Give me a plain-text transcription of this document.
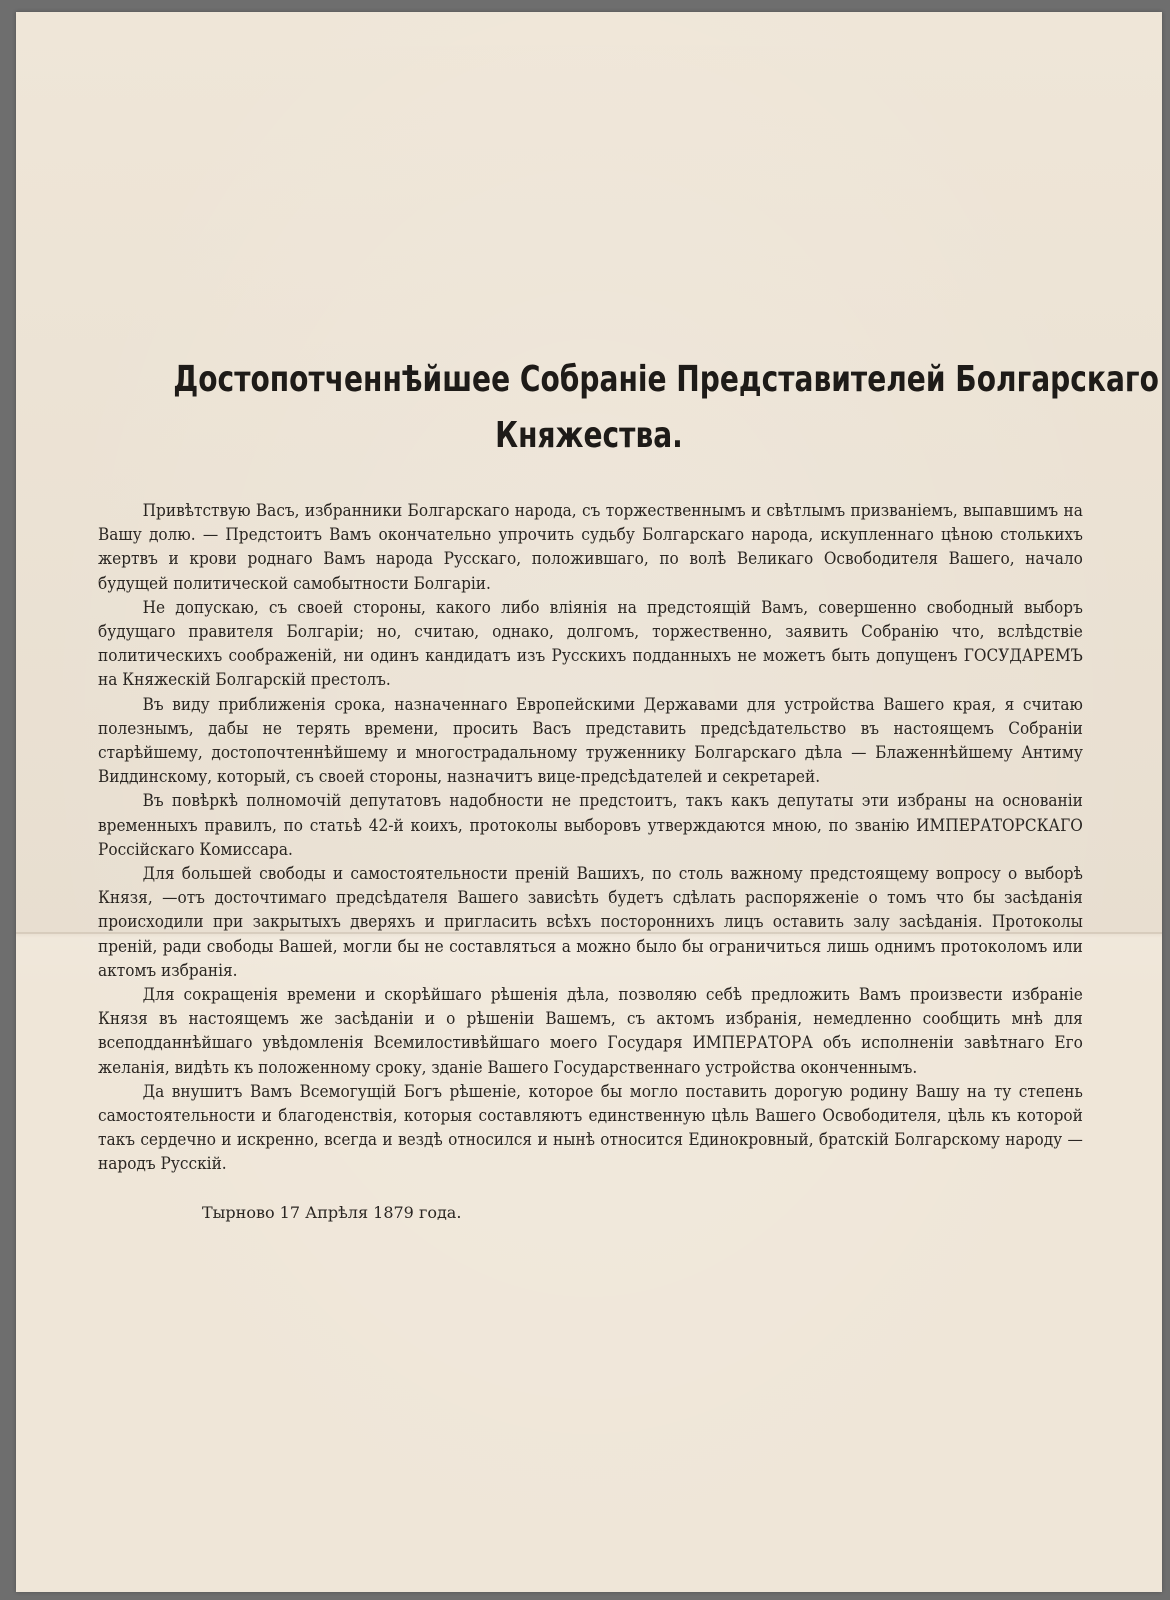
Достопотченнѣйшее Собраніе Представителей Болгарскаго
Княжества.

Привѣтствую Васъ, избранники Болгарскаго народа, съ торжественнымъ и свѣтлымъ призваніемъ, выпавшимъ на Вашу долю. — Предстоитъ Вамъ окончательно упрочить судьбу Болгарскаго народа, искупленнаго цѣною столькихъ жертвъ и крови роднаго Вамъ народа Русскаго, положившаго, по волѣ Великаго Освободителя Вашего, начало будущей политической самобытности Болгаріи.

Не допускаю, съ своей стороны, какого либо вліянія на предстоящій Вамъ, совершенно свободный выборъ будущаго правителя Болгаріи; но, считаю, однако, долгомъ, торжественно, заявить Собранію что, вслѣдствіе политическихъ соображеній, ни одинъ кандидатъ изъ Русскихъ подданныхъ не можетъ быть допущенъ ГОСУДАРЕМЪ на Княжескій Болгарскій престолъ.

Въ виду приближенія срока, назначеннаго Европейскими Державами для устройства Вашего края, я считаю полезнымъ, дабы не терять времени, просить Васъ представить предсѣдательство въ настоящемъ Собраніи старѣйшему, достопочтеннѣйшему и многострадальному труженнику Болгарскаго дѣла — Блаженнѣйшему Антиму Виддинскому, который, съ своей стороны, назначитъ вице-предсѣдателей и секретарей.

Въ повѣркѣ полномочій депутатовъ надобности не предстоитъ, такъ какъ депутаты эти избраны на основаніи временныхъ правилъ, по статьѣ 42-й коихъ, протоколы выборовъ утверждаются мною, по званію ИМПЕРАТОРСКАГО Россійскаго Комиссара.

Для большей свободы и самостоятельности преній Вашихъ, по столь важному предстоящему вопросу о выборѣ Князя, —отъ досточтимаго предсѣдателя Вашего зависѣть будетъ сдѣлать распоряженіе о томъ что бы засѣданія происходили при закрытыхъ дверяхъ и пригласить всѣхъ постороннихъ лицъ оставить залу засѣданія. Протоколы преній, ради свободы Вашей, могли бы не составляться а можно было бы ограничиться лишь однимъ протоколомъ или актомъ избранія.

Для сокращенія времени и скорѣйшаго рѣшенія дѣла, позволяю себѣ предложить Вамъ произвести избраніе Князя въ настоящемъ же засѣданіи и о рѣшеніи Вашемъ, съ актомъ избранія, немедленно сообщить мнѣ для всеподданнѣйшаго увѣдомленія Всемилостивѣйшаго моего Государя ИМПЕРАТОРА объ исполненіи завѣтнаго Его желанія, видѣть къ положенному сроку, зданіе Вашего Государственнаго устройства оконченнымъ.

Да внушитъ Вамъ Всемогущій Богъ рѣшеніе, которое бы могло поставить дорогую родину Вашу на ту степень самостоятельности и благоденствія, которыя составляютъ единственную цѣль Вашего Освободителя, цѣль къ которой такъ сердечно и искренно, всегда и вездѣ относился и нынѣ относится Единокровный, братскій Болгарскому народу — народъ Русскій.

Тырново 17 Апрѣля 1879 года.
